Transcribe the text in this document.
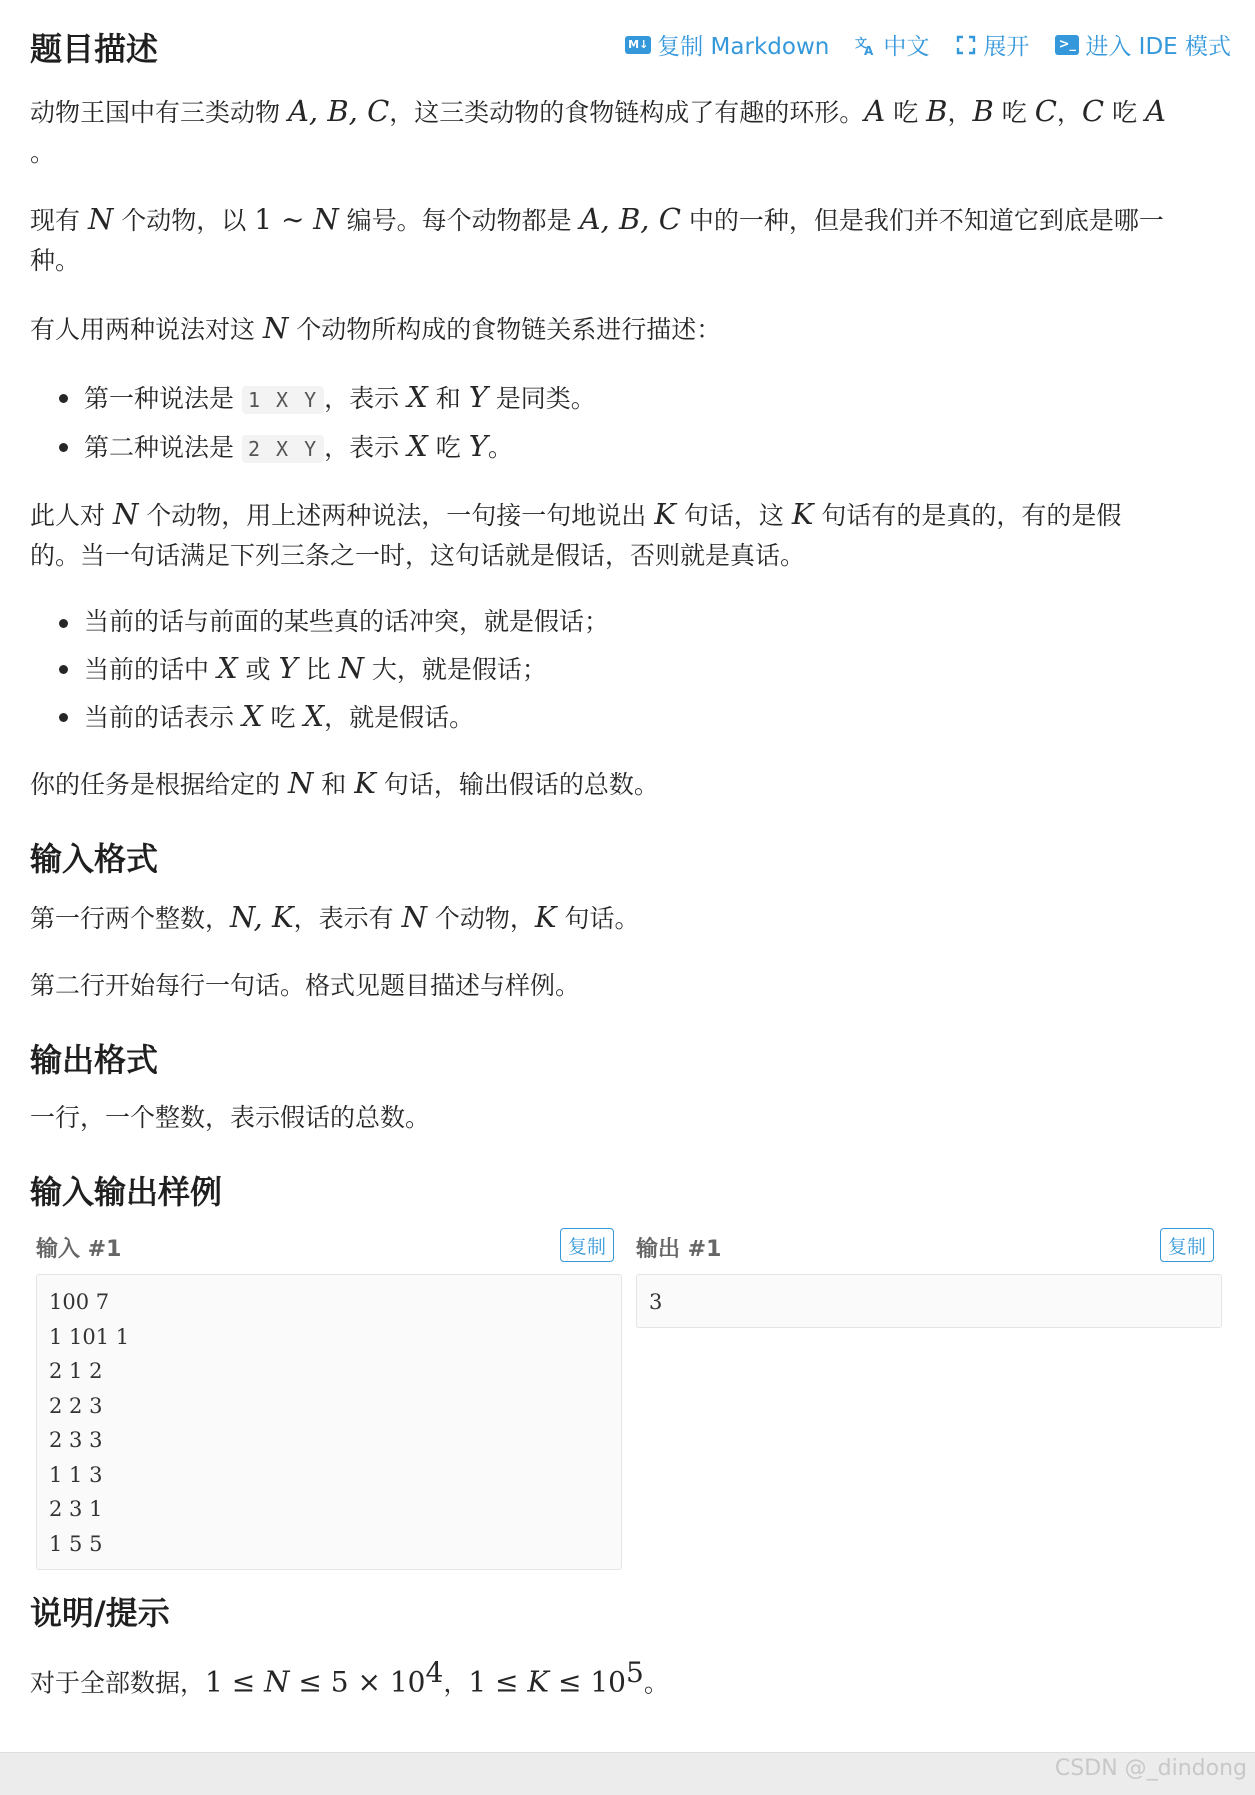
M↓ 复制 Markdown 文
A 中文 展开 >_ 进入 IDE 模式
题目描述
动物王国中有三类动物 A, B, C，这三类动物的食物链构成了有趣的环形。A 吃 B，B 吃 C，C 吃 A
。
现有 N 个动物，以 1 ∼ N 编号。每个动物都是 A, B, C 中的一种，但是我们并不知道它到底是哪一
种。
有人用两种说法对这 N 个动物所构成的食物链关系进行描述：
第一种说法是 1 X Y ，表示 X 和 Y 是同类。
第二种说法是 2 X Y ，表示 X 吃 Y。
此人对 N 个动物，用上述两种说法，一句接一句地说出 K 句话，这 K 句话有的是真的，有的是假
的。当一句话满足下列三条之一时，这句话就是假话，否则就是真话。
当前的话与前面的某些真的话冲突，就是假话；
当前的话中 X 或 Y 比 N 大，就是假话；
当前的话表示 X 吃 X，就是假话。
你的任务是根据给定的 N 和 K 句话，输出假话的总数。
输入格式
第一行两个整数，N, K，表示有 N 个动物，K 句话。
第二行开始每行一句话。格式见题目描述与样例。
输出格式
一行，一个整数，表示假话的总数。
输入输出样例
输入 #1	复制
100 7
1 101 1
2 1 2
2 2 3
2 3 3
1 1 3
2 3 1
1 5 5
输出 #1	复制
3
说明/提示
对于全部数据，$1 \le N \le 5 \times 10^4$，$1 \le K \le 10^5$。
CSDN @_dindong
